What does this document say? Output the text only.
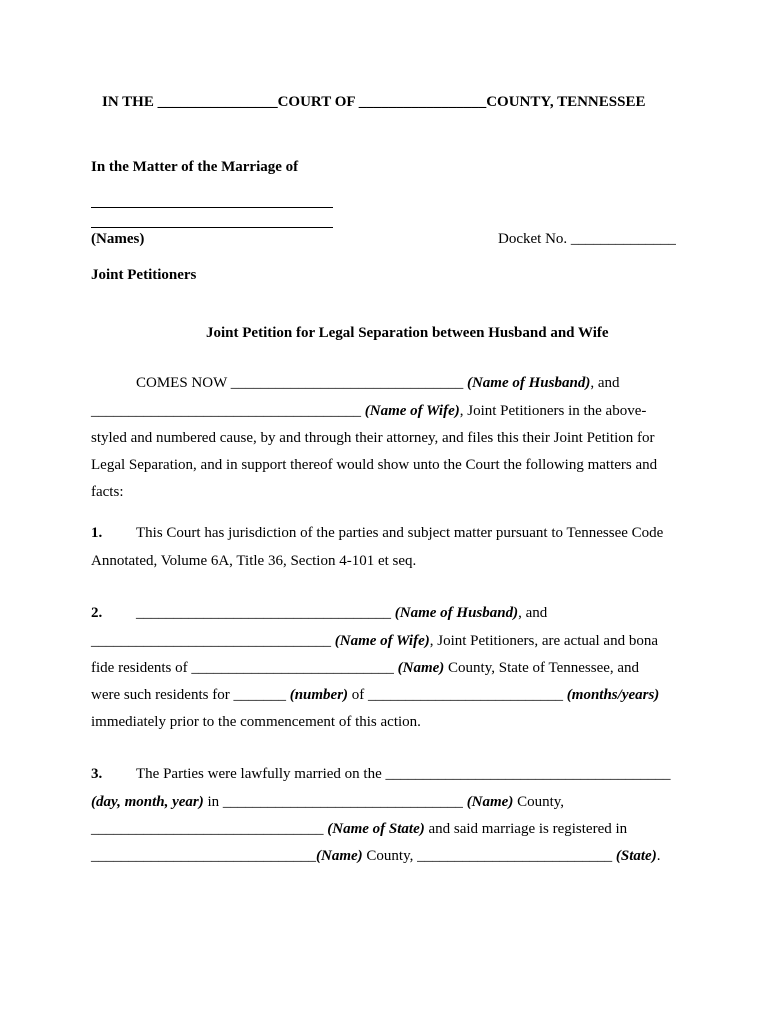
IN THE ________________COURT OF _________________COUNTY, TENNESSEE
In the Matter of the Marriage of
(Names)	Docket No. ______________
Joint Petitioners
Joint Petition for Legal Separation between Husband and Wife
COMES NOW _______________________________ (Name of Husband), and
____________________________________ (Name of Wife), Joint Petitioners in the above-
styled and numbered cause, by and through their attorney, and files this their Joint Petition for
Legal Separation, and in support thereof would show unto the Court the following matters and
facts:
1. This Court has jurisdiction of the parties and subject matter pursuant to Tennessee Code
Annotated, Volume 6A, Title 36, Section 4-101 et seq.
2. __________________________________ (Name of Husband), and
________________________________ (Name of Wife), Joint Petitioners, are actual and bona
fide residents of ___________________________ (Name) County, State of Tennessee, and
were such residents for _______ (number) of __________________________ (months/years)
immediately prior to the commencement of this action.
3. The Parties were lawfully married on the ______________________________________
(day, month, year) in ________________________________ (Name) County,
_______________________________ (Name of State) and said marriage is registered in
______________________________(Name) County, __________________________ (State).
